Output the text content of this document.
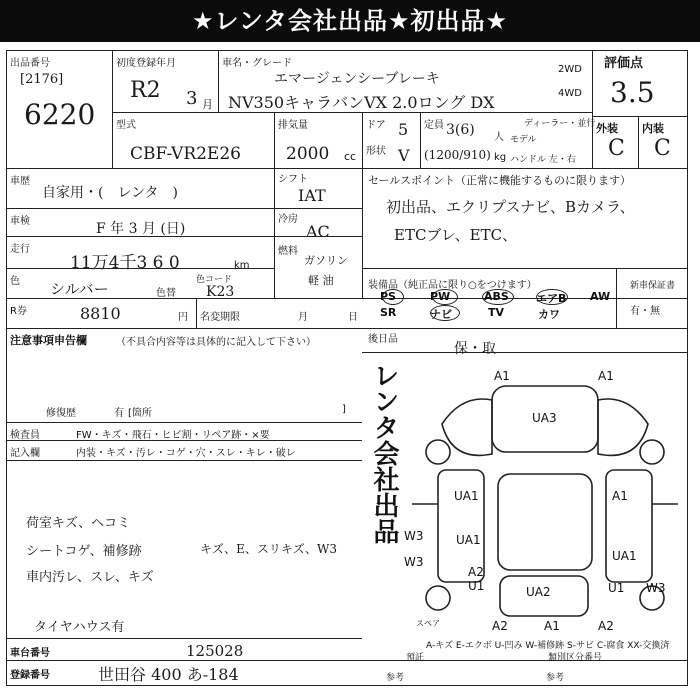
★レンタ会社出品★初出品★
出品番号
[2176]
6220
初度登録年月
R2 3 月
車名・グレード
エマージェンシーブレーキ
NV350キャラバンVX 2.0ロング DX
2WD
4WD
評価点
3.5
外装 内装
C C
型式
CBF-VR2E26
排気量
2000 cc
ドア 5
形状 V
定員 3(6) 人
(1200/910) kg
ディーラー・並行
モデル
ハンドル 左・右
車歴
自家用・(　レンタ　)
シフト
IAT
セールスポイント（正常に機能するものに限ります）
初出品、エクリプスナビ、Bカメラ、
ETCブレ、ETC、
車検	F 年 3 月 (日)
冷房
AC
走行
11万4千3 6 0	km
燃料
ガソリン
軽 油
色 シルバー	色替
色コード
K23
R券	8810	円 名変期限	月	日
装備品（純正品に限り○をつけます）	新車保証書
有・無
PS	PW	ABS エアB AW
SR	ナビ	TV	カワ
後日品
保・取
注意事項申告欄	（不具合内容等は具体的に記入して下さい）
修復歴	有 [箇所	]
検査員	FW・キズ・飛石・ヒビ割・リペア跡・×要
記入欄	内装・キズ・汚レ・コゲ・穴・スレ・キレ・破レ
荷室キズ、ヘコミ
シートコゲ、補修跡
車内汚レ、スレ、キズ
キズ、E、スリキズ、W3
タイヤハウス有
レンタ会社出品	A1	A1
UA3
UA1	A1
UA1
W3
W3	UA1
A2
U1	UA2	U1 W3
A2	A2
A1
スペア
A-キズ E-エクボ U-凹み W-補修跡 S-サビ C-腐食 XX-交換済
車台番号	125028
登録番号	世田谷 400 あ-184
預託	類別区分番号
参考	参考
